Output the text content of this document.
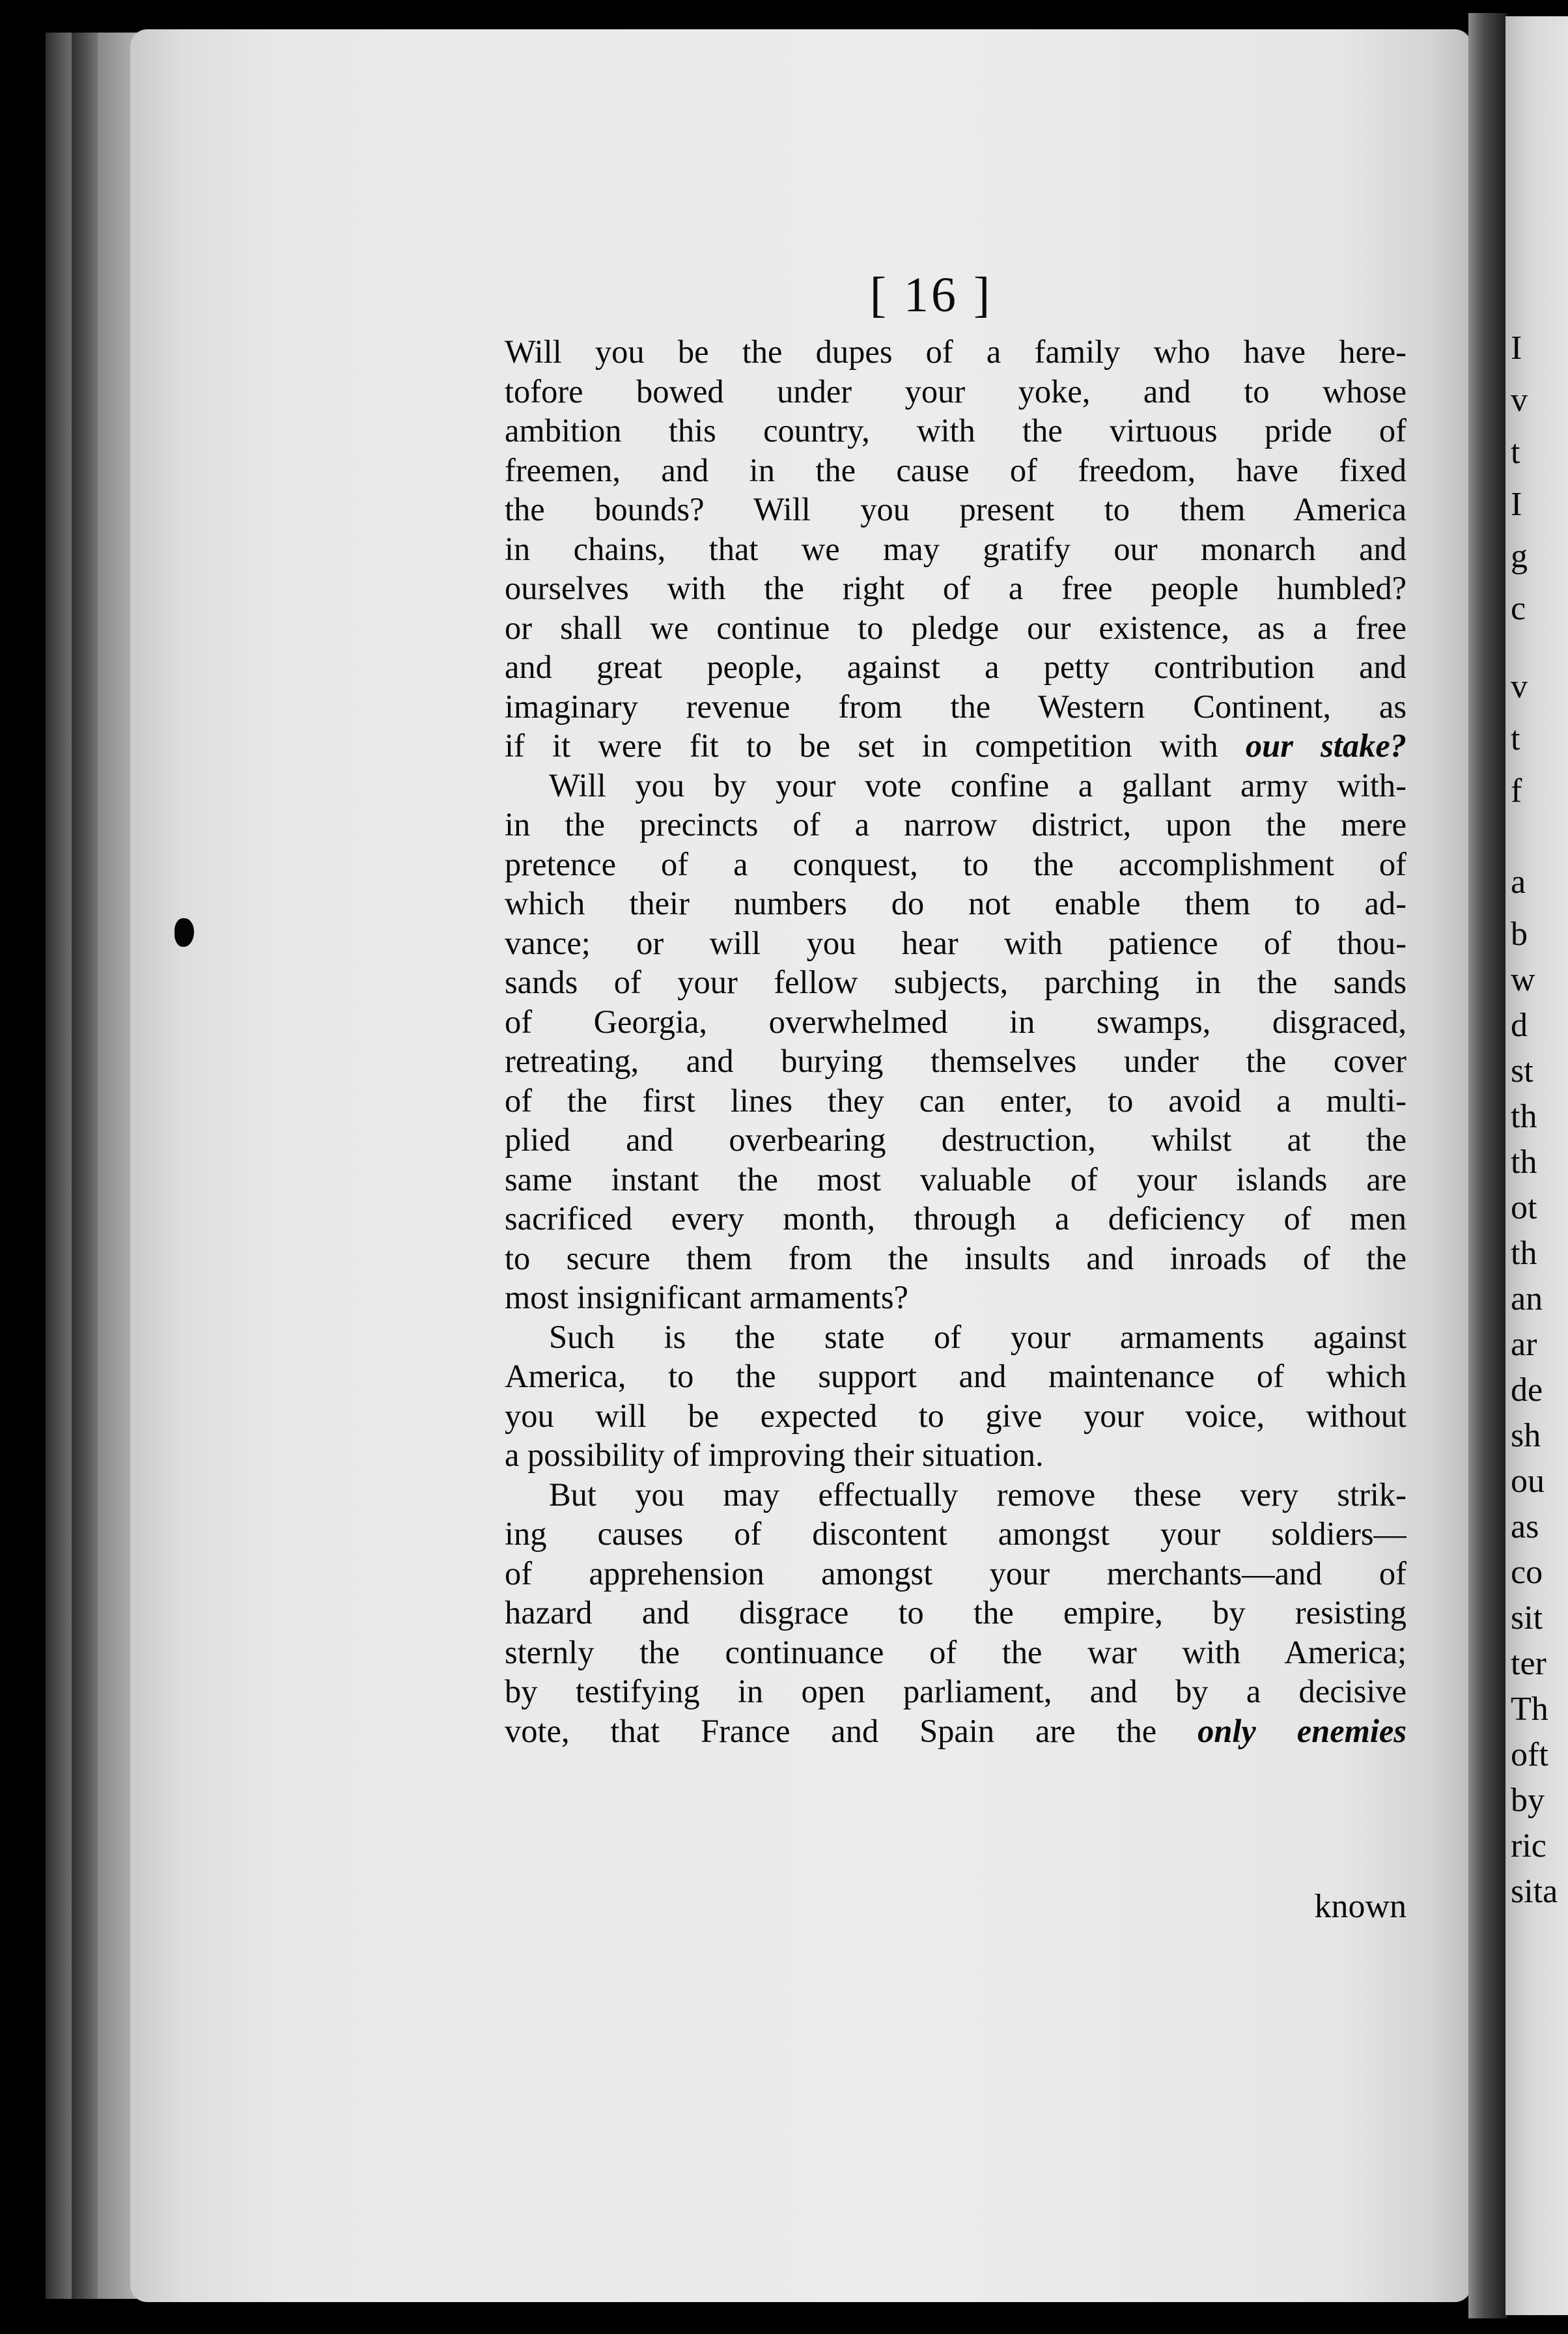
I
v
t
I
g
c
v
t
f
a
b
w
d
st
th
th
ot
th
an
ar
de
sh
ou
as
co
sit
ter
Th
oft
by
ric
sita
[ 16 ]
Will you be the dupes of a family who have here-
tofore bowed under your yoke, and to whose
ambition this country, with the virtuous pride of
freemen, and in the cause of freedom, have fixed
the bounds? Will you present to them America
in chains, that we may gratify our monarch and
ourselves with the right of a free people humbled?
or shall we continue to pledge our existence, as a free
and great people, against a petty contribution and
imaginary revenue from the Western Continent, as
if it were fit to be set in competition with our stake?
Will you by your vote confine a gallant army with-
in the precincts of a narrow district, upon the mere
pretence of a conquest, to the accomplishment of
which their numbers do not enable them to ad-
vance; or will you hear with patience of thou-
sands of your fellow subjects, parching in the sands
of Georgia, overwhelmed in swamps, disgraced,
retreating, and burying themselves under the cover
of the first lines they can enter, to avoid a multi-
plied and overbearing destruction, whilst at the
same instant the most valuable of your islands are
sacrificed every month, through a deficiency of men
to secure them from the insults and inroads of the
most insignificant armaments?
Such is the state of your armaments against
America, to the support and maintenance of which
you will be expected to give your voice, without
a possibility of improving their situation.
But you may effectually remove these very strik-
ing causes of discontent amongst your soldiers—
of apprehension amongst your merchants—and of
hazard and disgrace to the empire, by resisting
sternly the continuance of the war with America;
by testifying in open parliament, and by a decisive
vote, that France and Spain are the only enemies
known
